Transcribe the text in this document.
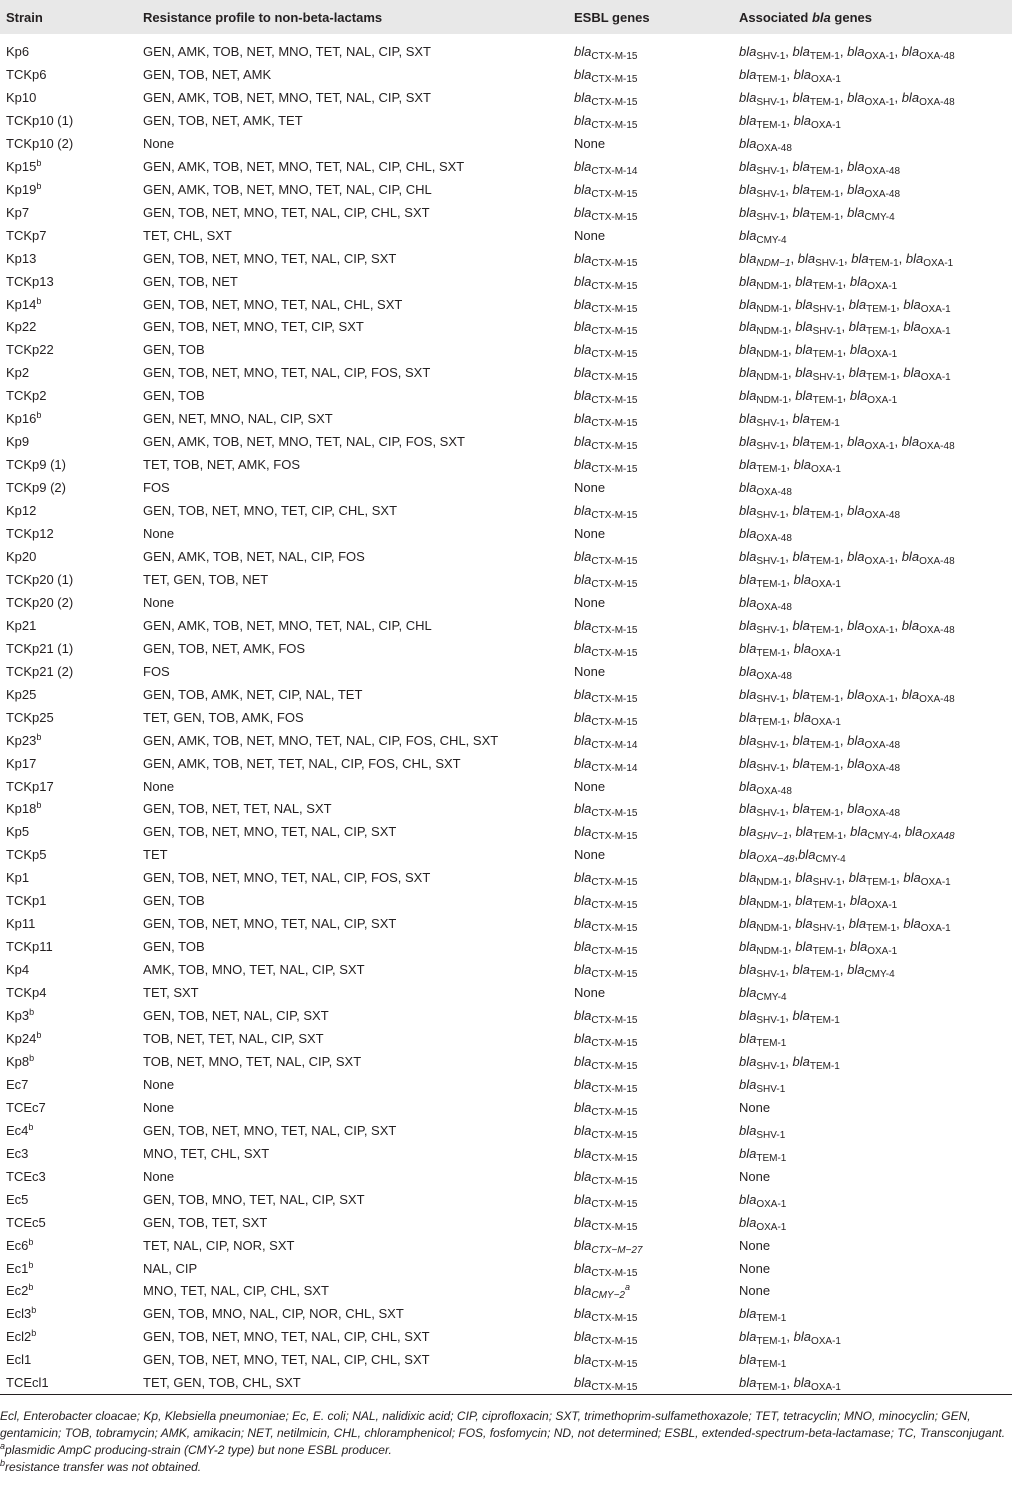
Strain	Resistance profile to non-beta-lactams	ESBL genes	Associated bla genes
Kp6	GEN, AMK, TOB, NET, MNO, TET, NAL, CIP, SXT	bla$_{CTX-M-15}$	bla$_{SHV-1}$, bla$_{TEM-1}$, bla$_{OXA-1}$, bla$_{OXA-48}$
TCKp6	GEN, TOB, NET, AMK	bla$_{CTX-M-15}$	bla$_{TEM-1}$, bla$_{OXA-1}$
Kp10	GEN, AMK, TOB, NET, MNO, TET, NAL, CIP, SXT	bla$_{CTX-M-15}$	bla$_{SHV-1}$, bla$_{TEM-1}$, bla$_{OXA-1}$, bla$_{OXA-48}$
TCKp10 (1)	GEN, TOB, NET, AMK, TET	bla$_{CTX-M-15}$	bla$_{TEM-1}$, bla$_{OXA-1}$
TCKp10 (2)	None	None	bla$_{OXA-48}$
Kp15$^b$	GEN, AMK, TOB, NET, MNO, TET, NAL, CIP, CHL, SXT	bla$_{CTX-M-14}$	bla$_{SHV-1}$, bla$_{TEM-1}$, bla$_{OXA-48}$
Kp19$^b$	GEN, AMK, TOB, NET, MNO, TET, NAL, CIP, CHL	bla$_{CTX-M-15}$	bla$_{SHV-1}$, bla$_{TEM-1}$, bla$_{OXA-48}$
Kp7	GEN, TOB, NET, MNO, TET, NAL, CIP, CHL, SXT	bla$_{CTX-M-15}$	bla$_{SHV-1}$, bla$_{TEM-1}$, bla$_{CMY-4}$
TCKp7	TET, CHL, SXT	None	bla$_{CMY-4}$
Kp13	GEN, TOB, NET, MNO, TET, NAL, CIP, SXT	bla$_{CTX-M-15}$	bla$_{NDM-1}$, bla$_{SHV-1}$, bla$_{TEM-1}$, bla$_{OXA-1}$
TCKp13	GEN, TOB, NET	bla$_{CTX-M-15}$	bla$_{NDM-1}$, bla$_{TEM-1}$, bla$_{OXA-1}$
Kp14$^b$	GEN, TOB, NET, MNO, TET, NAL, CHL, SXT	bla$_{CTX-M-15}$	bla$_{NDM-1}$, bla$_{SHV-1}$, bla$_{TEM-1}$, bla$_{OXA-1}$
Kp22	GEN, TOB, NET, MNO, TET, CIP, SXT	bla$_{CTX-M-15}$	bla$_{NDM-1}$, bla$_{SHV-1}$, bla$_{TEM-1}$, bla$_{OXA-1}$
TCKp22	GEN, TOB	bla$_{CTX-M-15}$	bla$_{NDM-1}$, bla$_{TEM-1}$, bla$_{OXA-1}$
Kp2	GEN, TOB, NET, MNO, TET, NAL, CIP, FOS, SXT	bla$_{CTX-M-15}$	bla$_{NDM-1}$, bla$_{SHV-1}$, bla$_{TEM-1}$, bla$_{OXA-1}$
TCKp2	GEN, TOB	bla$_{CTX-M-15}$	bla$_{NDM-1}$, bla$_{TEM-1}$, bla$_{OXA-1}$
Kp16$^b$	GEN, NET, MNO, NAL, CIP, SXT	bla$_{CTX-M-15}$	bla$_{SHV-1}$, bla$_{TEM-1}$
Kp9	GEN, AMK, TOB, NET, MNO, TET, NAL, CIP, FOS, SXT	bla$_{CTX-M-15}$	bla$_{SHV-1}$, bla$_{TEM-1}$, bla$_{OXA-1}$, bla$_{OXA-48}$
TCKp9 (1)	TET, TOB, NET, AMK, FOS	bla$_{CTX-M-15}$	bla$_{TEM-1}$, bla$_{OXA-1}$
TCKp9 (2)	FOS	None	bla$_{OXA-48}$
Kp12	GEN, TOB, NET, MNO, TET, CIP, CHL, SXT	bla$_{CTX-M-15}$	bla$_{SHV-1}$, bla$_{TEM-1}$, bla$_{OXA-48}$
TCKp12	None	None	bla$_{OXA-48}$
Kp20	GEN, AMK, TOB, NET, NAL, CIP, FOS	bla$_{CTX-M-15}$	bla$_{SHV-1}$, bla$_{TEM-1}$, bla$_{OXA-1}$, bla$_{OXA-48}$
TCKp20 (1)	TET, GEN, TOB, NET	bla$_{CTX-M-15}$	bla$_{TEM-1}$, bla$_{OXA-1}$
TCKp20 (2)	None	None	bla$_{OXA-48}$
Kp21	GEN, AMK, TOB, NET, MNO, TET, NAL, CIP, CHL	bla$_{CTX-M-15}$	bla$_{SHV-1}$, bla$_{TEM-1}$, bla$_{OXA-1}$, bla$_{OXA-48}$
TCKp21 (1)	GEN, TOB, NET, AMK, FOS	bla$_{CTX-M-15}$	bla$_{TEM-1}$, bla$_{OXA-1}$
TCKp21 (2)	FOS	None	bla$_{OXA-48}$
Kp25	GEN, TOB, AMK, NET, CIP, NAL, TET	bla$_{CTX-M-15}$	bla$_{SHV-1}$, bla$_{TEM-1}$, bla$_{OXA-1}$, bla$_{OXA-48}$
TCKp25	TET, GEN, TOB, AMK, FOS	bla$_{CTX-M-15}$	bla$_{TEM-1}$, bla$_{OXA-1}$
Kp23$^b$	GEN, AMK, TOB, NET, MNO, TET, NAL, CIP, FOS, CHL, SXT	bla$_{CTX-M-14}$	bla$_{SHV-1}$, bla$_{TEM-1}$, bla$_{OXA-48}$
Kp17	GEN, AMK, TOB, NET, TET, NAL, CIP, FOS, CHL, SXT	bla$_{CTX-M-14}$	bla$_{SHV-1}$, bla$_{TEM-1}$, bla$_{OXA-48}$
TCKp17	None	None	bla$_{OXA-48}$
Kp18$^b$	GEN, TOB, NET, TET, NAL, SXT	bla$_{CTX-M-15}$	bla$_{SHV-1}$, bla$_{TEM-1}$, bla$_{OXA-48}$
Kp5	GEN, TOB, NET, MNO, TET, NAL, CIP, SXT	bla$_{CTX-M-15}$	bla$_{SHV-1}$, bla$_{TEM-1}$, bla$_{CMY-4}$, bla$_{OXA48}$
TCKp5	TET	None	bla$_{OXA-48}$,bla$_{CMY-4}$
Kp1	GEN, TOB, NET, MNO, TET, NAL, CIP, FOS, SXT	bla$_{CTX-M-15}$	bla$_{NDM-1}$, bla$_{SHV-1}$, bla$_{TEM-1}$, bla$_{OXA-1}$
TCKp1	GEN, TOB	bla$_{CTX-M-15}$	bla$_{NDM-1}$, bla$_{TEM-1}$, bla$_{OXA-1}$
Kp11	GEN, TOB, NET, MNO, TET, NAL, CIP, SXT	bla$_{CTX-M-15}$	bla$_{NDM-1}$, bla$_{SHV-1}$, bla$_{TEM-1}$, bla$_{OXA-1}$
TCKp11	GEN, TOB	bla$_{CTX-M-15}$	bla$_{NDM-1}$, bla$_{TEM-1}$, bla$_{OXA-1}$
Kp4	AMK, TOB, MNO, TET, NAL, CIP, SXT	bla$_{CTX-M-15}$	bla$_{SHV-1}$, bla$_{TEM-1}$, bla$_{CMY-4}$
TCKp4	TET, SXT	None	bla$_{CMY-4}$
Kp3$^b$	GEN, TOB, NET, NAL, CIP, SXT	bla$_{CTX-M-15}$	bla$_{SHV-1}$, bla$_{TEM-1}$
Kp24$^b$	TOB, NET, TET, NAL, CIP, SXT	bla$_{CTX-M-15}$	bla$_{TEM-1}$
Kp8$^b$	TOB, NET, MNO, TET, NAL, CIP, SXT	bla$_{CTX-M-15}$	bla$_{SHV-1}$, bla$_{TEM-1}$
Ec7	None	bla$_{CTX-M-15}$	bla$_{SHV-1}$
TCEc7	None	bla$_{CTX-M-15}$	None
Ec4$^b$	GEN, TOB, NET, MNO, TET, NAL, CIP, SXT	bla$_{CTX-M-15}$	bla$_{SHV-1}$
Ec3	MNO, TET, CHL, SXT	bla$_{CTX-M-15}$	bla$_{TEM-1}$
TCEc3	None	bla$_{CTX-M-15}$	None
Ec5	GEN, TOB, MNO, TET, NAL, CIP, SXT	bla$_{CTX-M-15}$	bla$_{OXA-1}$
TCEc5	GEN, TOB, TET, SXT	bla$_{CTX-M-15}$	bla$_{OXA-1}$
Ec6$^b$	TET, NAL, CIP, NOR, SXT	bla$_{CTX-M-27}$	None
Ec1$^b$	NAL, CIP	bla$_{CTX-M-15}$	None
Ec2$^b$	MNO, TET, NAL, CIP, CHL, SXT	bla$_{CMY-2}^a$	None
Ecl3$^b$	GEN, TOB, MNO, NAL, CIP, NOR, CHL, SXT	bla$_{CTX-M-15}$	bla$_{TEM-1}$
Ecl2$^b$	GEN, TOB, NET, MNO, TET, NAL, CIP, CHL, SXT	bla$_{CTX-M-15}$	bla$_{TEM-1}$, bla$_{OXA-1}$
Ecl1	GEN, TOB, NET, MNO, TET, NAL, CIP, CHL, SXT	bla$_{CTX-M-15}$	bla$_{TEM-1}$
TCEcl1	TET, GEN, TOB, CHL, SXT	bla$_{CTX-M-15}$	bla$_{TEM-1}$, bla$_{OXA-1}$

Ecl, Enterobacter cloacae; Kp, Klebsiella pneumoniae; Ec, E. coli; NAL, nalidixic acid; CIP, ciprofloxacin; SXT, trimethoprim-sulfamethoxazole; TET, tetracyclin; MNO, minocyclin; GEN, gentamicin; TOB, tobramycin; AMK, amikacin; NET, netilmicin, CHL, chloramphenicol; FOS, fosfomycin; ND, not determined; ESBL, extended-spectrum-beta-lactamase; TC, Transconjugant.

$^a$plasmidic AmpC producing-strain (CMY-2 type) but none ESBL producer.

$^b$resistance transfer was not obtained.
